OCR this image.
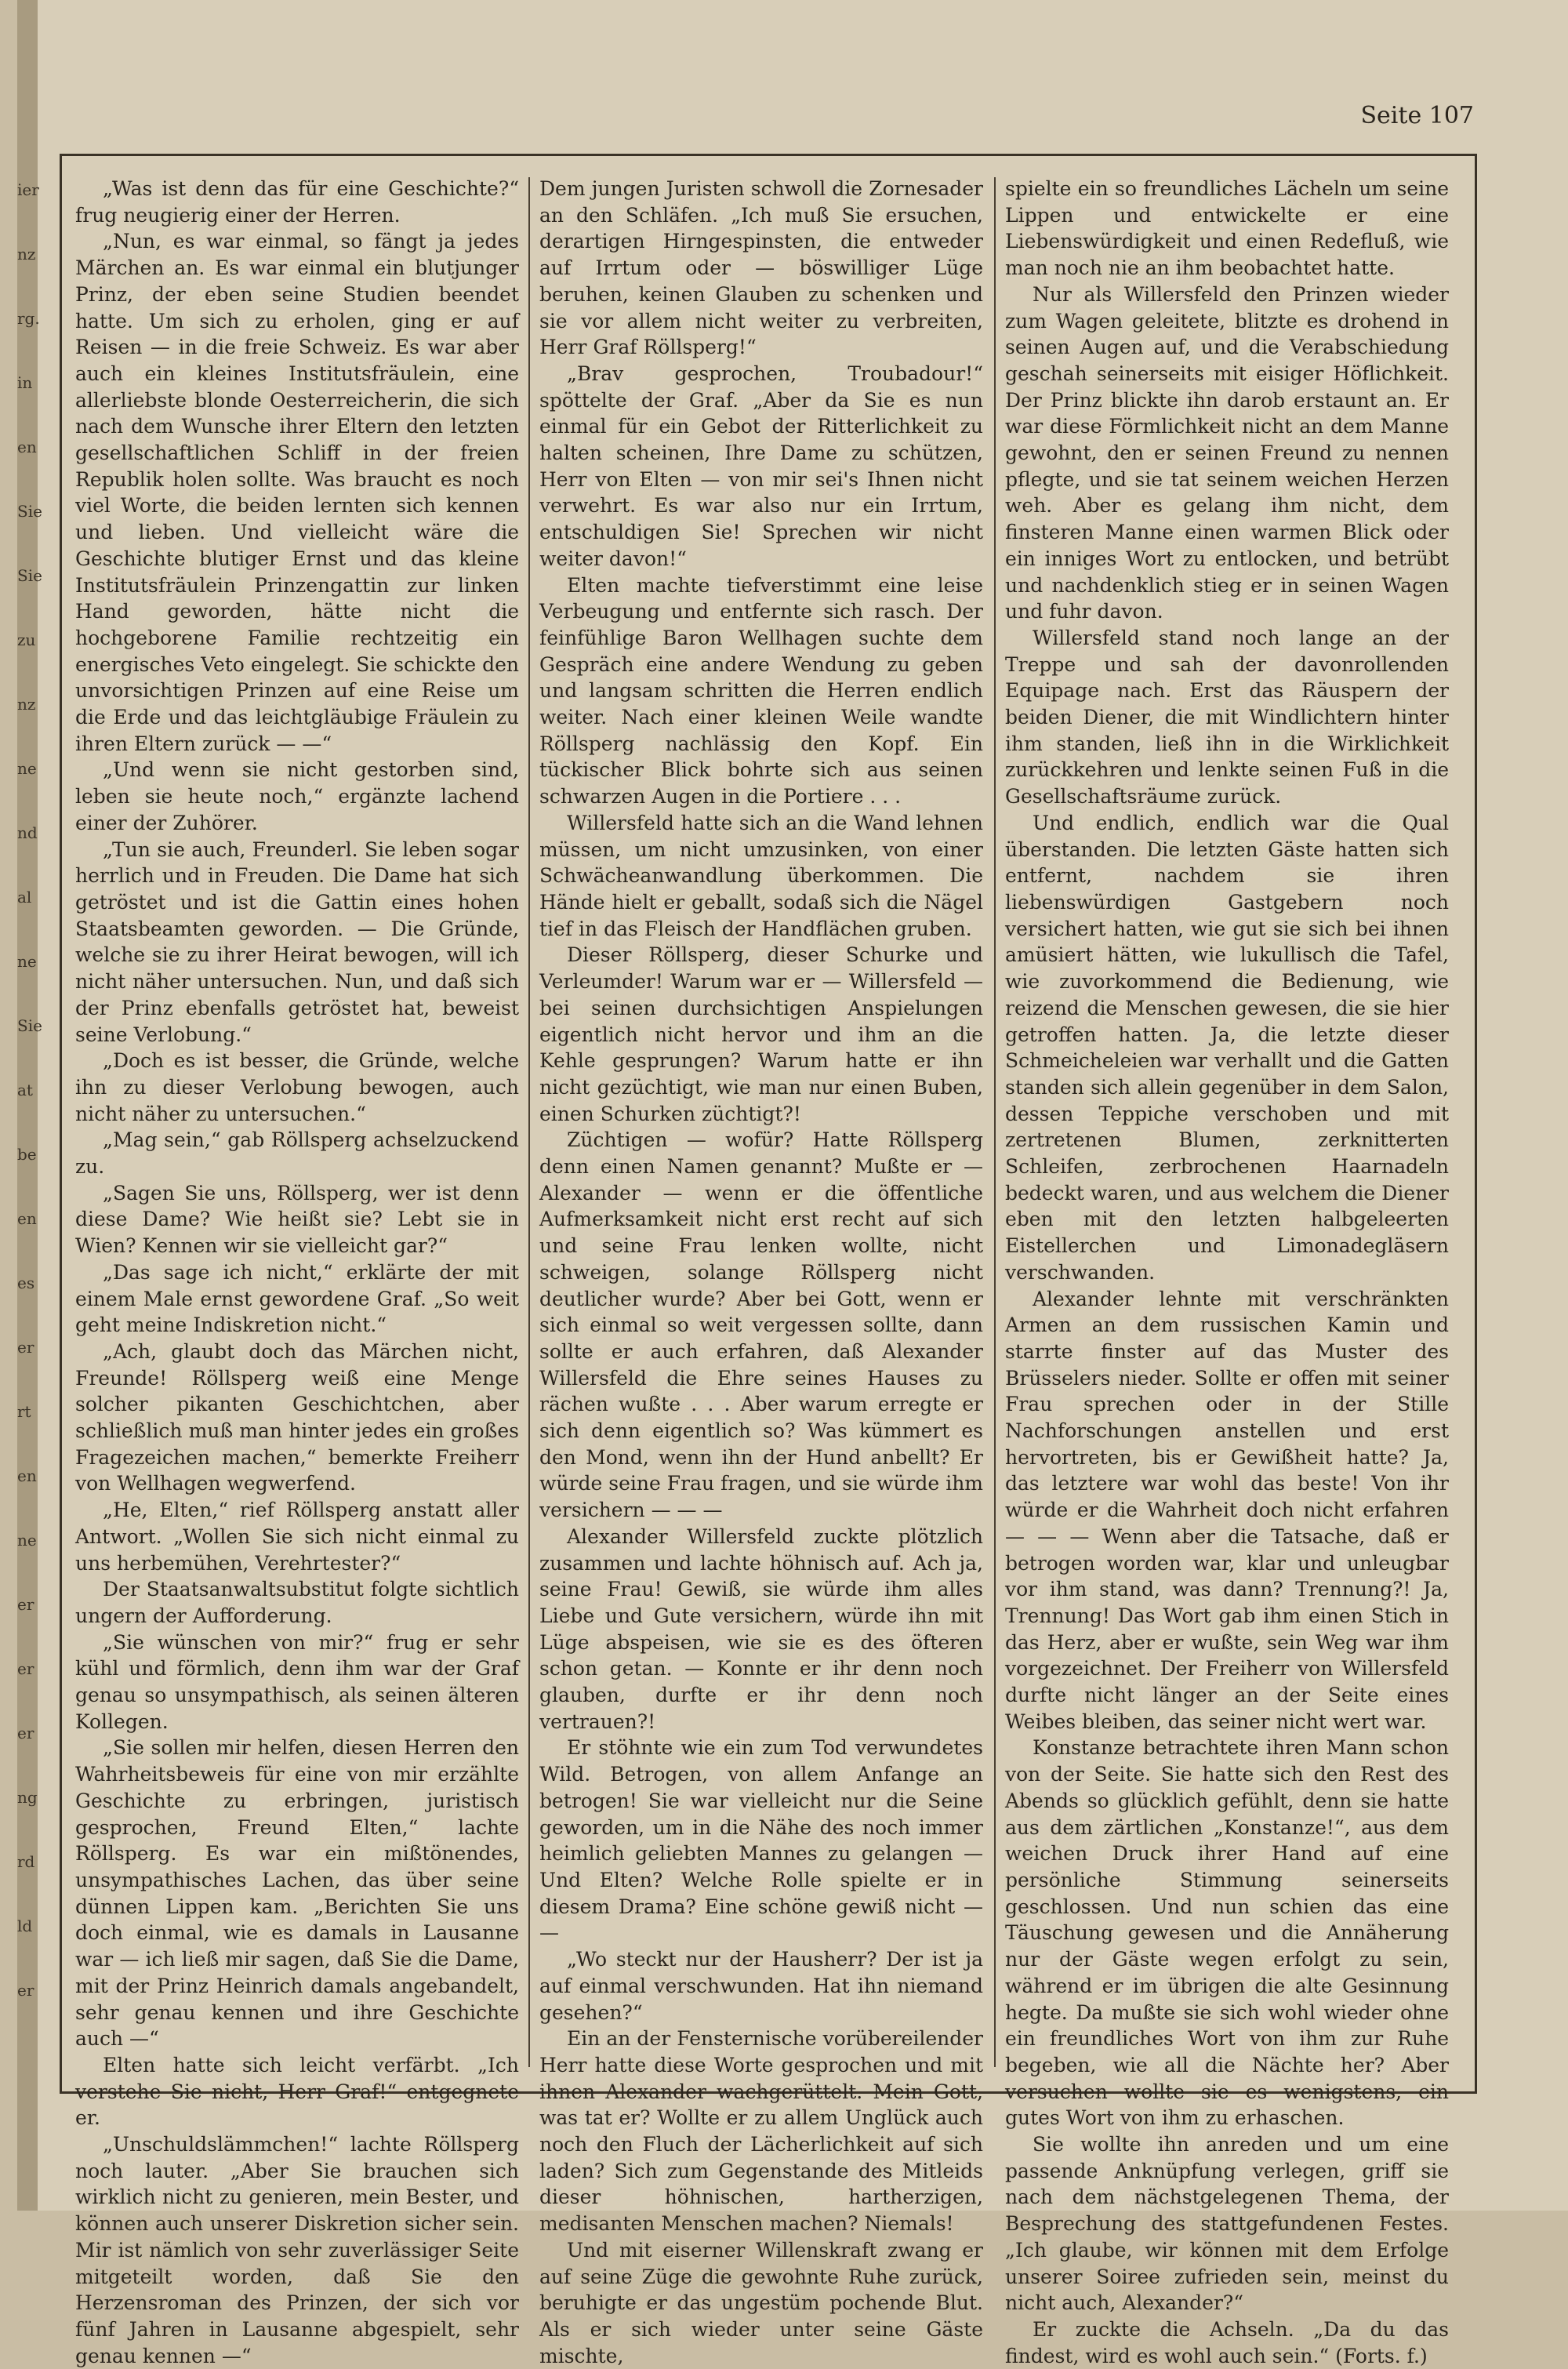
ier
nz
rg.
in
en
Sie
Sie
zu
nz
ne
nd
al
ne
Sie
at
be
en
es
er
rt
en
ne
er
er
er
ng
rd
ld
er
Seite 107

„Was ist denn das für eine Geschichte?“ frug neugierig einer der Herren.

„Nun, es war einmal, so fängt ja jedes Märchen an. Es war einmal ein blutjunger Prinz, der eben seine Studien beendet hatte. Um sich zu erholen, ging er auf Reisen — in die freie Schweiz. Es war aber auch ein kleines Institutsfräulein, eine allerliebste blonde Oesterreicherin, die sich nach dem Wunsche ihrer Eltern den letzten gesellschaftlichen Schliff in der freien Republik holen sollte. Was braucht es noch viel Worte, die beiden lernten sich kennen und lieben. Und vielleicht wäre die Geschichte blutiger Ernst und das kleine Institutsfräulein Prinzengattin zur linken Hand geworden, hätte nicht die hochgeborene Familie rechtzeitig ein energisches Veto eingelegt. Sie schickte den unvorsichtigen Prinzen auf eine Reise um die Erde und das leichtgläubige Fräulein zu ihren Eltern zurück — —“

„Und wenn sie nicht gestorben sind, leben sie heute noch,“ ergänzte lachend einer der Zuhörer.

„Tun sie auch, Freunderl. Sie leben sogar herrlich und in Freuden. Die Dame hat sich getröstet und ist die Gattin eines hohen Staatsbeamten geworden. — Die Gründe, welche sie zu ihrer Heirat bewogen, will ich nicht näher untersuchen. Nun, und daß sich der Prinz ebenfalls getröstet hat, beweist seine Verlobung.“

„Doch es ist besser, die Gründe, welche ihn zu dieser Verlobung bewogen, auch nicht näher zu untersuchen.“

„Mag sein,“ gab Röllsperg achselzuckend zu.

„Sagen Sie uns, Röllsperg, wer ist denn diese Dame? Wie heißt sie? Lebt sie in Wien? Kennen wir sie vielleicht gar?“

„Das sage ich nicht,“ erklärte der mit einem Male ernst gewordene Graf. „So weit geht meine Indiskretion nicht.“

„Ach, glaubt doch das Märchen nicht, Freunde! Röllsperg weiß eine Menge solcher pikanten Geschichtchen, aber schließlich muß man hinter jedes ein großes Fragezeichen machen,“ bemerkte Freiherr von Wellhagen wegwerfend.

„He, Elten,“ rief Röllsperg anstatt aller Antwort. „Wollen Sie sich nicht einmal zu uns herbemühen, Verehrtester?“

Der Staatsanwaltsubstitut folgte sichtlich ungern der Aufforderung.

„Sie wünschen von mir?“ frug er sehr kühl und förmlich, denn ihm war der Graf genau so unsympathisch, als seinen älteren Kollegen.

„Sie sollen mir helfen, diesen Herren den Wahrheitsbeweis für eine von mir erzählte Geschichte zu erbringen, juristisch gesprochen, Freund Elten,“ lachte Röllsperg. Es war ein mißtönendes, unsympathisches Lachen, das über seine dünnen Lippen kam. „Berichten Sie uns doch einmal, wie es damals in Lausanne war — ich ließ mir sagen, daß Sie die Dame, mit der Prinz Heinrich damals angebandelt, sehr genau kennen und ihre Geschichte auch —“

Elten hatte sich leicht verfärbt. „Ich verstehe Sie nicht, Herr Graf!“ entgegnete er.

„Unschuldslämmchen!“ lachte Röllsperg noch lauter. „Aber Sie brauchen sich wirklich nicht zu genieren, mein Bester, und können auch unserer Diskretion sicher sein. Mir ist nämlich von sehr zuverlässiger Seite mitgeteilt worden, daß Sie den Herzensroman des Prinzen, der sich vor fünf Jahren in Lausanne abgespielt, sehr genau kennen —“

Dem jungen Juristen schwoll die Zornesader an den Schläfen. „Ich muß Sie ersuchen, derartigen Hirngespinsten, die entweder auf Irrtum oder — böswilliger Lüge beruhen, keinen Glauben zu schenken und sie vor allem nicht weiter zu verbreiten, Herr Graf Röllsperg!“

„Brav gesprochen, Troubadour!“ spöttelte der Graf. „Aber da Sie es nun einmal für ein Gebot der Ritterlichkeit zu halten scheinen, Ihre Dame zu schützen, Herr von Elten — von mir sei's Ihnen nicht verwehrt. Es war also nur ein Irrtum, entschuldigen Sie! Sprechen wir nicht weiter davon!“

Elten machte tiefverstimmt eine leise Verbeugung und entfernte sich rasch. Der feinfühlige Baron Wellhagen suchte dem Gespräch eine andere Wendung zu geben und langsam schritten die Herren endlich weiter. Nach einer kleinen Weile wandte Röllsperg nachlässig den Kopf. Ein tückischer Blick bohrte sich aus seinen schwarzen Augen in die Portiere . . .

Willersfeld hatte sich an die Wand lehnen müssen, um nicht umzusinken, von einer Schwächeanwandlung überkommen. Die Hände hielt er geballt, sodaß sich die Nägel tief in das Fleisch der Handflächen gruben.

Dieser Röllsperg, dieser Schurke und Verleumder! Warum war er — Willersfeld — bei seinen durchsichtigen Anspielungen eigentlich nicht hervor und ihm an die Kehle gesprungen? Warum hatte er ihn nicht gezüchtigt, wie man nur einen Buben, einen Schurken züchtigt?!

Züchtigen — wofür? Hatte Röllsperg denn einen Namen genannt? Mußte er — Alexander — wenn er die öffentliche Aufmerksamkeit nicht erst recht auf sich und seine Frau lenken wollte, nicht schweigen, solange Röllsperg nicht deutlicher wurde? Aber bei Gott, wenn er sich einmal so weit vergessen sollte, dann sollte er auch erfahren, daß Alexander Willersfeld die Ehre seines Hauses zu rächen wußte . . . Aber warum erregte er sich denn eigentlich so? Was kümmert es den Mond, wenn ihn der Hund anbellt? Er würde seine Frau fragen, und sie würde ihm versichern — — —

Alexander Willersfeld zuckte plötzlich zusammen und lachte höhnisch auf. Ach ja, seine Frau! Gewiß, sie würde ihm alles Liebe und Gute versichern, würde ihn mit Lüge abspeisen, wie sie es des öfteren schon getan. — Konnte er ihr denn noch glauben, durfte er ihr denn noch vertrauen?!

Er stöhnte wie ein zum Tod verwundetes Wild. Betrogen, von allem Anfange an betrogen! Sie war vielleicht nur die Seine geworden, um in die Nähe des noch immer heimlich geliebten Mannes zu gelangen — Und Elten? Welche Rolle spielte er in diesem Drama? Eine schöne gewiß nicht — —

„Wo steckt nur der Hausherr? Der ist ja auf einmal verschwunden. Hat ihn niemand gesehen?“

Ein an der Fensternische vorübereilender Herr hatte diese Worte gesprochen und mit ihnen Alexander wachgerüttelt. Mein Gott, was tat er? Wollte er zu allem Unglück auch noch den Fluch der Lächerlichkeit auf sich laden? Sich zum Gegenstande des Mitleids dieser höhnischen, hartherzigen, medisanten Menschen machen? Niemals!

Und mit eiserner Willenskraft zwang er auf seine Züge die gewohnte Ruhe zurück, beruhigte er das ungestüm pochende Blut. Als er sich wieder unter seine Gäste mischte,

spielte ein so freundliches Lächeln um seine Lippen und entwickelte er eine Liebenswürdigkeit und einen Redefluß, wie man noch nie an ihm beobachtet hatte.

Nur als Willersfeld den Prinzen wieder zum Wagen geleitete, blitzte es drohend in seinen Augen auf, und die Verabschiedung geschah seinerseits mit eisiger Höflichkeit. Der Prinz blickte ihn darob erstaunt an. Er war diese Förmlichkeit nicht an dem Manne gewohnt, den er seinen Freund zu nennen pflegte, und sie tat seinem weichen Herzen weh. Aber es gelang ihm nicht, dem finsteren Manne einen warmen Blick oder ein inniges Wort zu entlocken, und betrübt und nachdenklich stieg er in seinen Wagen und fuhr davon.

Willersfeld stand noch lange an der Treppe und sah der davonrollenden Equipage nach. Erst das Räuspern der beiden Diener, die mit Windlichtern hinter ihm standen, ließ ihn in die Wirklichkeit zurückkehren und lenkte seinen Fuß in die Gesellschaftsräume zurück.

Und endlich, endlich war die Qual überstanden. Die letzten Gäste hatten sich entfernt, nachdem sie ihren liebenswürdigen Gastgebern noch versichert hatten, wie gut sie sich bei ihnen amüsiert hätten, wie lukullisch die Tafel, wie zuvorkommend die Bedienung, wie reizend die Menschen gewesen, die sie hier getroffen hatten. Ja, die letzte dieser Schmeicheleien war verhallt und die Gatten standen sich allein gegenüber in dem Salon, dessen Teppiche verschoben und mit zertretenen Blumen, zerknitterten Schleifen, zerbrochenen Haarnadeln bedeckt waren, und aus welchem die Diener eben mit den letzten halbgeleerten Eistellerchen und Limonadegläsern verschwanden.

Alexander lehnte mit verschränkten Armen an dem russischen Kamin und starrte finster auf das Muster des Brüsselers nieder. Sollte er offen mit seiner Frau sprechen oder in der Stille Nachforschungen anstellen und erst hervortreten, bis er Gewißheit hatte? Ja, das letztere war wohl das beste! Von ihr würde er die Wahrheit doch nicht erfahren — — — Wenn aber die Tatsache, daß er betrogen worden war, klar und unleugbar vor ihm stand, was dann? Trennung?! Ja, Trennung! Das Wort gab ihm einen Stich in das Herz, aber er wußte, sein Weg war ihm vorgezeichnet. Der Freiherr von Willersfeld durfte nicht länger an der Seite eines Weibes bleiben, das seiner nicht wert war.

Konstanze betrachtete ihren Mann schon von der Seite. Sie hatte sich den Rest des Abends so glücklich gefühlt, denn sie hatte aus dem zärtlichen „Konstanze!“, aus dem weichen Druck ihrer Hand auf eine persönliche Stimmung seinerseits geschlossen. Und nun schien das eine Täuschung gewesen und die Annäherung nur der Gäste wegen erfolgt zu sein, während er im übrigen die alte Gesinnung hegte. Da mußte sie sich wohl wieder ohne ein freundliches Wort von ihm zur Ruhe begeben, wie all die Nächte her? Aber versuchen wollte sie es wenigstens, ein gutes Wort von ihm zu erhaschen.

Sie wollte ihn anreden und um eine passende Anknüpfung verlegen, griff sie nach dem nächstgelegenen Thema, der Besprechung des stattgefundenen Festes. „Ich glaube, wir können mit dem Erfolge unserer Soiree zufrieden sein, meinst du nicht auch, Alexander?“

Er zuckte die Achseln. „Da du das findest, wird es wohl auch sein.“ (Forts. f.)
